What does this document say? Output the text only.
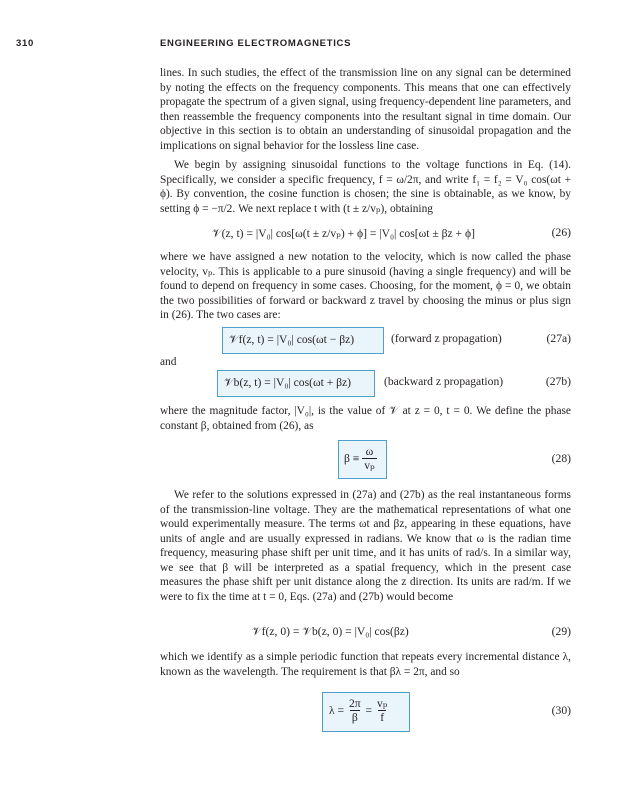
310	ENGINEERING ELECTROMAGNETICS

lines. In such studies, the effect of the transmission line on any signal can be determined by noting the effects on the frequency components. This means that one can effectively propagate the spectrum of a given signal, using frequency-dependent line parameters, and then reassemble the frequency components into the resultant signal in time domain. Our objective in this section is to obtain an understanding of sinusoidal propagation and the implications on signal behavior for the lossless line case.

We begin by assigning sinusoidal functions to the voltage functions in Eq. (14). Specifically, we consider a specific frequency, f = ω/2π, and write f₁ = f₂ = V₀ cos(ωt + ϕ). By convention, the cosine function is chosen; the sine is obtainable, as we know, by setting ϕ = −π/2. We next replace t with (t ± z/vₚ), obtaining

𝒱(z, t) = |V₀| cos[ω(t ± z/vₚ) + ϕ] = |V₀| cos[ωt ± βz + ϕ]	(26)

where we have assigned a new notation to the velocity, which is now called the phase velocity, vₚ. This is applicable to a pure sinusoid (having a single frequency) and will be found to depend on frequency in some cases. Choosing, for the moment, ϕ = 0, we obtain the two possibilities of forward or backward z travel by choosing the minus or plus sign in (26). The two cases are:

𝒱f(z, t) = |V₀| cos(ωt − βz)	(forward z propagation)	(27a)
and
𝒱b(z, t) = |V₀| cos(ωt + βz)	(backward z propagation)	(27b)

where the magnitude factor, |V₀|, is the value of 𝒱 at z = 0, t = 0. We define the phase constant β, obtained from (26), as

$\beta \equiv \frac{\omega}{\text{vₚ}}$	(28)

We refer to the solutions expressed in (27a) and (27b) as the real instantaneous forms of the transmission-line voltage. They are the mathematical representations of what one would experimentally measure. The terms ωt and βz, appearing in these equations, have units of angle and are usually expressed in radians. We know that ω is the radian time frequency, measuring phase shift per unit time, and it has units of rad/s. In a similar way, we see that β will be interpreted as a spatial frequency, which in the present case measures the phase shift per unit distance along the z direction. Its units are rad/m. If we were to fix the time at t = 0, Eqs. (27a) and (27b) would become

𝒱f(z, 0) = 𝒱b(z, 0) = |V₀| cos(βz)	(29)

which we identify as a simple periodic function that repeats every incremental distance λ, known as the wavelength. The requirement is that βλ = 2π, and so

$\lambda = \frac{2\pi}{\beta} = \frac{\text{vₚ}}{f}$	(30)
